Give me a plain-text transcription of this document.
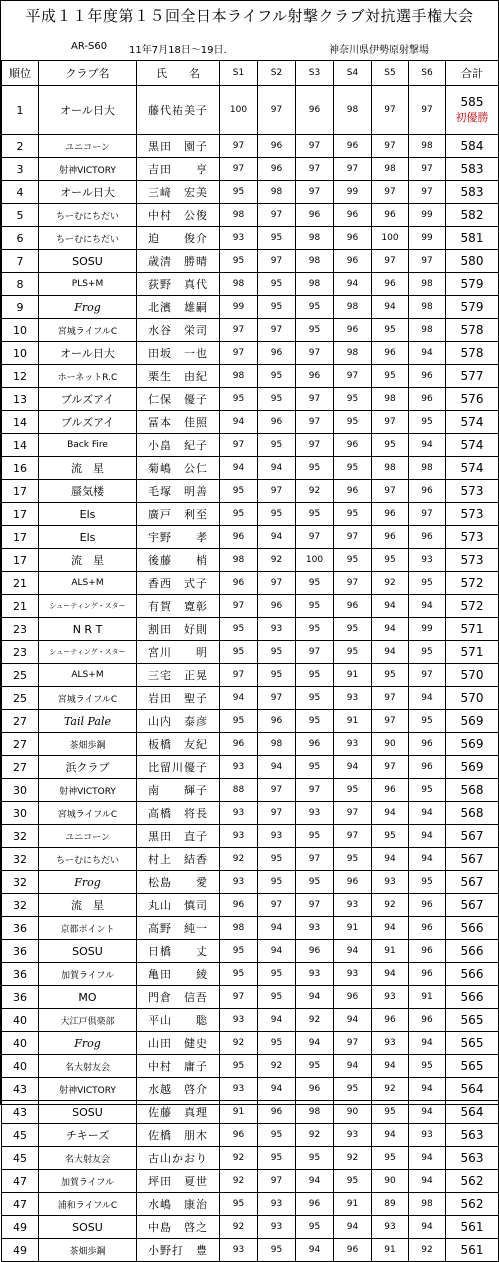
平成１１年度第１５回全日本ライフル射撃クラブ対抗選手権大会
AR-S60 11年7月18日～19日.	神奈川県伊勢原射撃場
順位	クラブ名	氏　　名	S1	S2	S3	S4	S5	S6	合計
1	オール日大	藤代祐美子	100	97	96	98	97	97	585
初優勝

2	ユニコーン	黒田　園子	97	96	97	96	97	98	584
3	射神VICTORY	吉田　　亨	97	96	97	97	98	97	583
4	オール日大	三﨑　宏美	95	98	97	99	97	97	583
5	ちーむにちだい	中村　公俊	98	97	96	96	96	99	582
6	ちーむにちだい	迫　　俊介	93	95	98	96	100	99	581
7	SOSU	歳清　勝晴	95	97	98	96	97	97	580
8	PLS+M	荻野　真代	98	95	98	94	96	98	579
9	Frog	北濱　雄嗣	99	95	95	98	94	98	579
10	宮城ライフルC	水谷　栄司	97	97	95	96	95	98	578
10	オール日大	田坂　一也	97	96	97	98	96	94	578
12	ホーネットR.C	栗生　由紀	98	95	96	97	95	96	577
13	ブルズアイ	仁保　優子	95	95	97	95	98	96	576
14	ブルズアイ	冨本　佳照	94	96	97	95	97	95	574
14	Back Fire	小畠　紀子	97	95	97	96	95	94	574
16	流　星	菊嶋　公仁	94	94	95	95	98	98	574
17	蜃気楼	毛塚　明善	95	97	92	96	97	96	573
17	Els	廣戸　利至	95	95	95	95	96	97	573
17	Els	宇野　　孝	96	94	97	97	96	96	573
17	流　星	後藤　　梢	98	92	100	95	95	93	573
21	ALS+M	香西　式子	96	97	95	97	92	95	572
21	シューティング・スター	有賀　寛彰	97	96	95	96	94	94	572
23	N R T	割田　好則	95	93	95	95	94	99	571
23	シューティング・スター	宮川　　明	95	95	97	95	94	95	571
25	ALS+M	三宅　正晃	97	95	95	91	95	97	570
25	宮城ライフルC	岩田　聖子	94	97	95	93	97	94	570
27	Tail Pale	山内　泰彦	95	96	95	91	97	95	569
27	茶畑歩鋼	板橋　友紀	96	98	96	93	90	96	569
27	浜クラブ	比留川優子	93	94	95	94	97	96	569
30	射神VICTORY	南　　輝子	88	97	97	95	96	95	568
30	宮城ライフルC	高橋　将長	93	97	93	97	94	94	568
32	ユニコーン	黒田　直子	93	93	95	97	95	94	567
32	ちーむにちだい	村上　結香	92	95	97	95	94	94	567
32	Frog	松島　　愛	93	95	95	96	93	95	567
32	流　星	丸山　慎司	96	97	97	93	92	96	567
36	京都ポイント	高野　純一	98	94	93	91	94	96	566
36	SOSU	日橋　　丈	95	94	96	94	91	96	566
36	加賀ライフル	亀田　　綾	95	95	93	93	94	96	566
36	MO	門倉　信吾	97	95	94	96	93	91	566
40	大江戸倶楽部	平山　　聡	93	94	92	94	96	96	565
40	Frog	山田　健史	92	95	94	97	93	94	565
40	名大射友会	中村　庸子	95	92	95	94	94	95	565
43	射神VICTORY	水越　啓介	93	94	96	95	92	94	564
43	SOSU	佐藤　真理	91	96	98	90	95	94	564
45	チキーズ	佐橋　朋木	96	95	92	93	94	93	563
45	名大射友会	古山かおり	92	95	95	92	95	94	563
47	加賀ライフル	坪田　夏世	92	97	94	95	90	94	562
47	浦和ライフルC	水嶋　康治	95	93	96	91	89	98	562
49	SOSU	中島　啓之	92	93	95	94	93	94	561
49	茶畑歩鋼	小野打　豊	93	95	94	96	91	92	561
